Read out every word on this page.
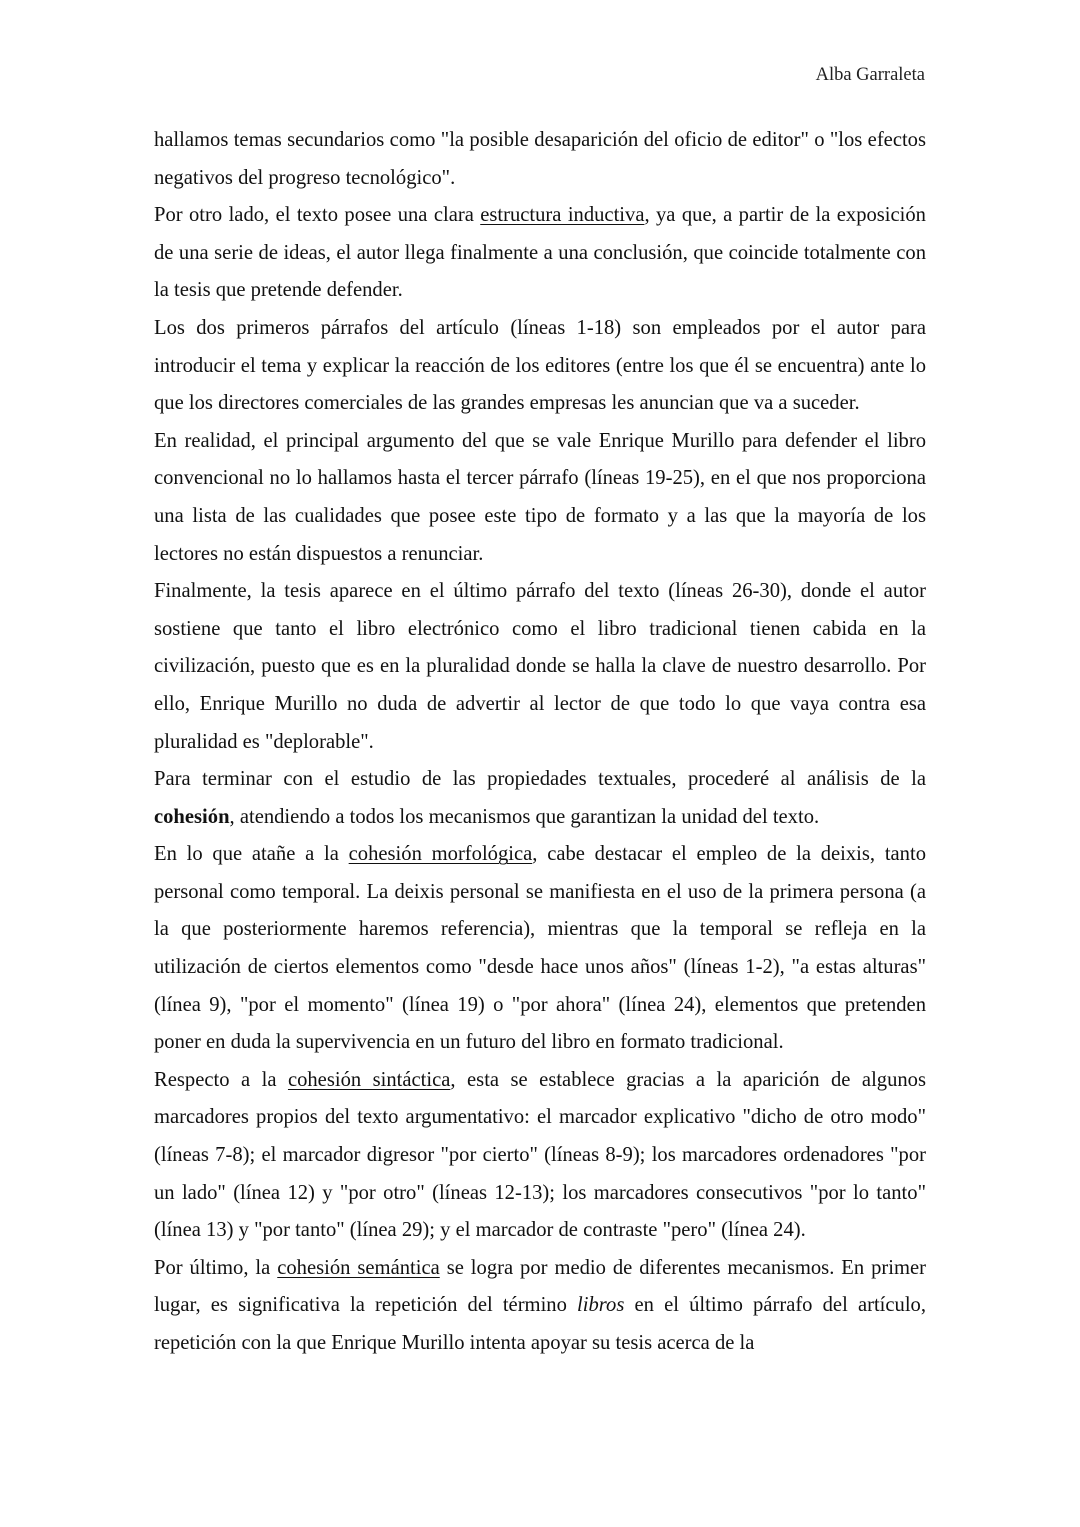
Alba Garraleta

hallamos temas secundarios como "la posible desaparición del oficio de editor" o "los efectos negativos del progreso tecnológico".

Por otro lado, el texto posee una clara estructura inductiva, ya que, a partir de la exposición de una serie de ideas, el autor llega finalmente a una conclusión, que coincide totalmente con la tesis que pretende defender.

Los dos primeros párrafos del artículo (líneas 1-18) son empleados por el autor para introducir el tema y explicar la reacción de los editores (entre los que él se encuentra) ante lo que los directores comerciales de las grandes empresas les anuncian que va a suceder.

En realidad, el principal argumento del que se vale Enrique Murillo para defender el libro convencional no lo hallamos hasta el tercer párrafo (líneas 19-25), en el que nos proporciona una lista de las cualidades que posee este tipo de formato y a las que la mayoría de los lectores no están dispuestos a renunciar.

Finalmente, la tesis aparece en el último párrafo del texto (líneas 26-30), donde el autor sostiene que tanto el libro electrónico como el libro tradicional tienen cabida en la civilización, puesto que es en la pluralidad donde se halla la clave de nuestro desarrollo. Por ello, Enrique Murillo no duda de advertir al lector de que todo lo que vaya contra esa pluralidad es "deplorable".

Para terminar con el estudio de las propiedades textuales, procederé al análisis de la cohesión, atendiendo a todos los mecanismos que garantizan la unidad del texto.

En lo que atañe a la cohesión morfológica, cabe destacar el empleo de la deixis, tanto personal como temporal. La deixis personal se manifiesta en el uso de la primera persona (a la que posteriormente haremos referencia), mientras que la temporal se refleja en la utilización de ciertos elementos como "desde hace unos años" (líneas 1-2), "a estas alturas" (línea 9), "por el momento" (línea 19) o "por ahora" (línea 24), elementos que pretenden poner en duda la supervivencia en un futuro del libro en formato tradicional.

Respecto a la cohesión sintáctica, esta se establece gracias a la aparición de algunos marcadores propios del texto argumentativo: el marcador explicativo "dicho de otro modo" (líneas 7-8); el marcador digresor "por cierto" (líneas 8-9); los marcadores ordenadores "por un lado" (línea 12) y "por otro" (líneas 12-13); los marcadores consecutivos "por lo tanto" (línea 13) y "por tanto" (línea 29); y el marcador de contraste "pero" (línea 24).

Por último, la cohesión semántica se logra por medio de diferentes mecanismos. En primer lugar, es significativa la repetición del término libros en el último párrafo del artículo, repetición con la que Enrique Murillo intenta apoyar su tesis acerca de la
